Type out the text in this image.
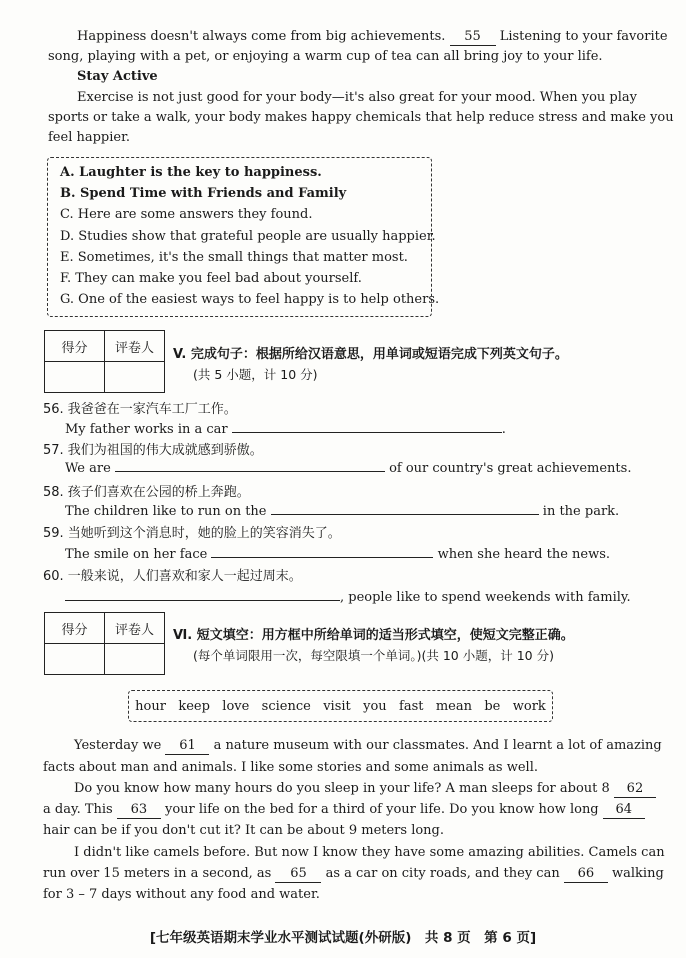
Happiness doesn't always come from big achievements. 55 Listening to your favorite
song, playing with a pet, or enjoying a warm cup of tea can all bring joy to your life.
Stay Active
Exercise is not just good for your body—it's also great for your mood. When you play
sports or take a walk, your body makes happy chemicals that help reduce stress and make you
feel happier.
A. Laughter is the key to happiness.
B. Spend Time with Friends and Family
C. Here are some answers they found.
D. Studies show that grateful people are usually happier.
E. Sometimes, it's the small things that matter most.
F. They can make you feel bad about yourself.
G. One of the easiest ways to feel happy is to help others.
得分	评卷人
	V. 完成句子：根据所给汉语意思，用单词或短语完成下列英文句子。
(共 5 小题，计 10 分)
56. 我爸爸在一家汽车工厂工作。
My father works in a car	.
57. 我们为祖国的伟大成就感到骄傲。
We are	of our country's great achievements.
58. 孩子们喜欢在公园的桥上奔跑。
The children like to run on the	in the park.
59. 当她听到这个消息时，她的脸上的笑容消失了。
The smile on her face	when she heard the news.
60. 一般来说，人们喜欢和家人一起过周末。
, people like to spend weekends with family.
得分	评卷人
	Ⅵ. 短文填空：用方框中所给单词的适当形式填空，使短文完整正确。
(每个单词限用一次，每空限填一个单词。)(共 10 小题，计 10 分)
hour keep love science visit you fast mean be work
Yesterday we 61 a nature museum with our classmates. And I learnt a lot of amazing
facts about man and animals. I like some stories and some animals as well.
Do you know how many hours do you sleep in your life? A man sleeps for about 8 62
a day. This 63 your life on the bed for a third of your life. Do you know how long 64
hair can be if you don't cut it? It can be about 9 meters long.
I didn't like camels before. But now I know they have some amazing abilities. Camels can
run over 15 meters in a second, as 65 as a car on city roads, and they can 66 walking
for 3 – 7 days without any food and water.
[七年级英语期末学业水平测试试题(外研版)　共 8 页　第 6 页]
